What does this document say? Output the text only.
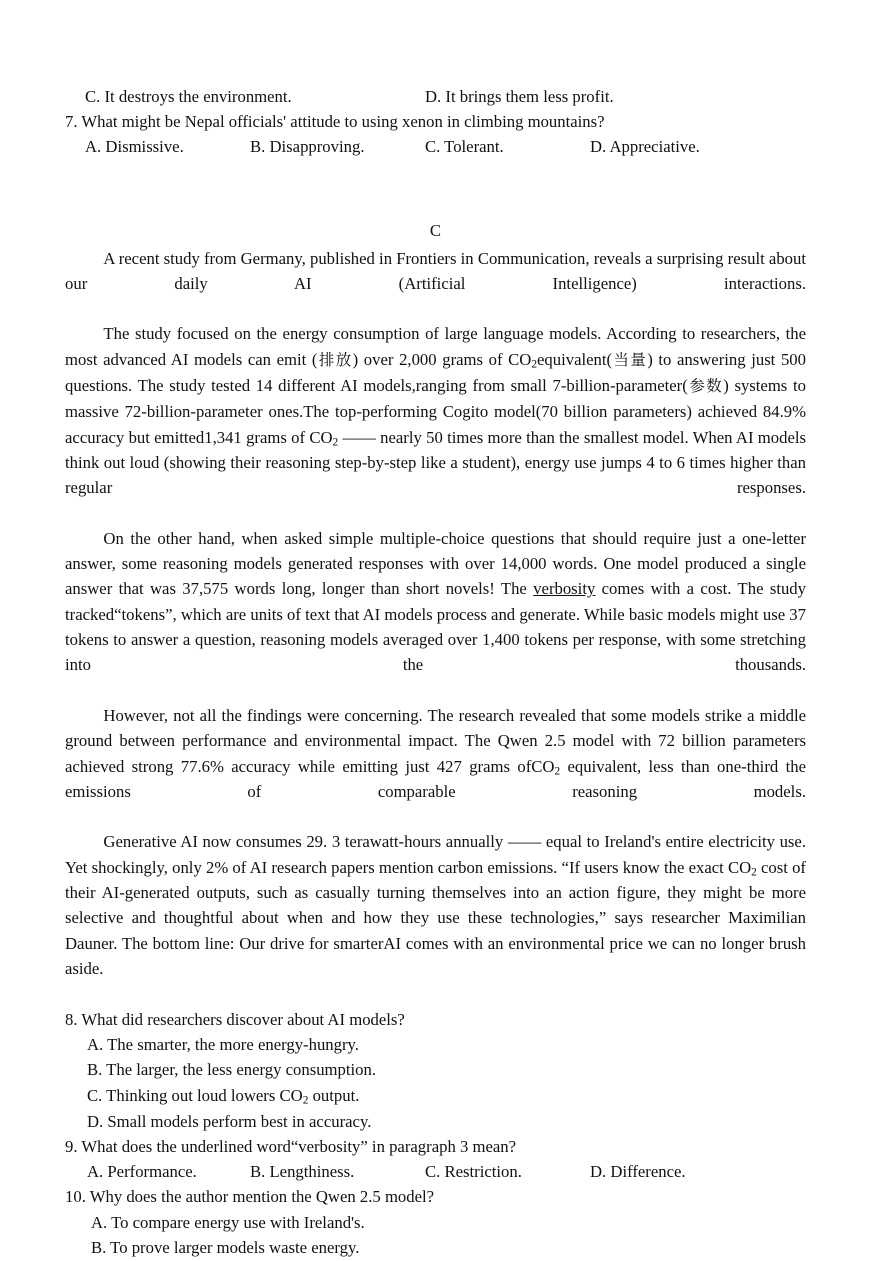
C. It destroys the environment.	D. It brings them less profit.
7. What might be Nepal officials' attitude to using xenon in climbing mountains?
A. Dismissive.	B. Disapproving.	C. Tolerant.	D. Appreciative.
C

A recent study from Germany, published in Frontiers in Communication, reveals a surprising result about our daily AI (Artificial Intelligence) interactions.

The study focused on the energy consumption of large language models. According to researchers, the most advanced AI models can emit (排放) over 2,000 grams of $CO_2equivalent$(当量) to answering just 500 questions. The study tested 14 different AI models,ranging from small 7-billion-parameter(参数) systems to massive 72-billion-parameter ones.The top-performing Cogito model(70 billion parameters) achieved 84.9% accuracy but emitted1,341 grams of $CO_2$ —— nearly 50 times more than the smallest model. When AI models think out loud (showing their reasoning step-by-step like a student), energy use jumps 4 to 6 times higher than regular responses.

On the other hand, when asked simple multiple-choice questions that should require just a one-letter answer, some reasoning models generated responses with over 14,000 words. One model produced a single answer that was 37,575 words long, longer than short novels! The verbosity comes with a cost. The study tracked“tokens”, which are units of text that AI models process and generate. While basic models might use 37 tokens to answer a question, reasoning models averaged over 1,400 tokens per response, with some stretching into the thousands.

However, not all the findings were concerning. The research revealed that some models strike a middle ground between performance and environmental impact. The Qwen 2.5 model with 72 billion parameters achieved strong 77.6% accuracy while emitting just 427 grams ofCO$_2$ equivalent, less than one-third the emissions of comparable reasoning models.

Generative AI now consumes 29. 3 terawatt-hours annually —— equal to Ireland's entire electricity use. Yet shockingly, only 2% of AI research papers mention carbon emissions. “If users know the exact $CO_2$ cost of their AI-generated outputs, such as casually turning themselves into an action figure, they might be more selective and thoughtful about when and how they use these technologies,” says researcher Maximilian Dauner. The bottom line: Our drive for smarterAI comes with an environmental price we can no longer brush aside.

8. What did researchers discover about AI models?
A. The smarter, the more energy-hungry.
B. The larger, the less energy consumption.
C. Thinking out loud lowers $CO_2$ output.
D. Small models perform best in accuracy.
9. What does the underlined word“verbosity” in paragraph 3 mean?
A. Performance.	B. Lengthiness.	C. Restriction.	D. Difference.
10. Why does the author mention the Qwen 2.5 model?
A. To compare energy use with Ireland's.
B. To prove larger models waste energy.
